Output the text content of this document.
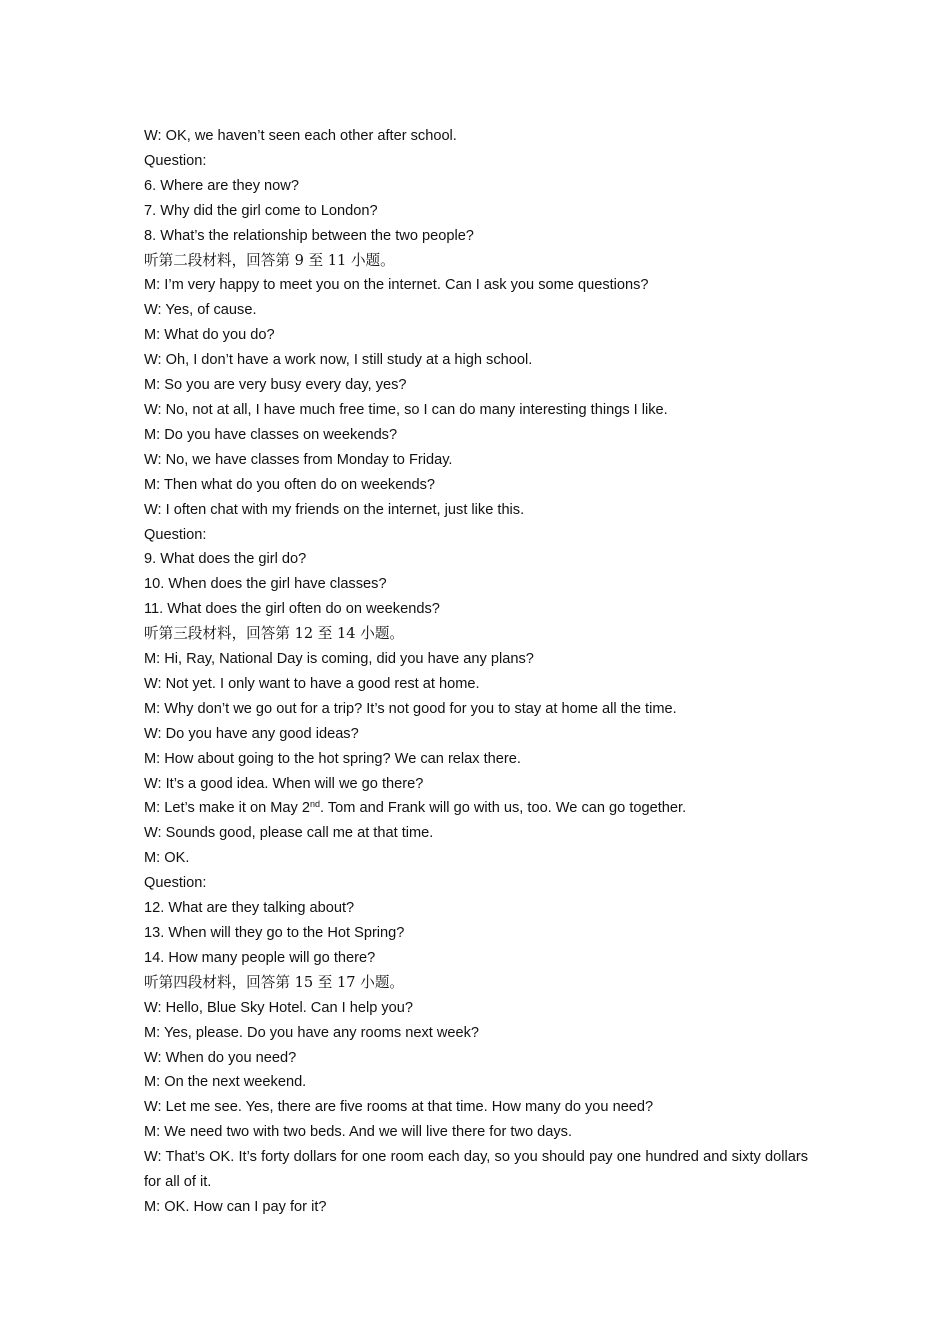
W: OK, we haven’t seen each other after school.

Question:

6. Where are they now?

7. Why did the girl come to London?

8. What’s the relationship between the two people?

听第二段材料，回答第 9 至 11 小题。

M: I’m very happy to meet you on the internet. Can I ask you some questions?

W: Yes, of cause.

M: What do you do?

W: Oh, I don’t have a work now, I still study at a high school.

M: So you are very busy every day, yes?

W: No, not at all, I have much free time, so I can do many interesting things I like.

M: Do you have classes on weekends?

W: No, we have classes from Monday to Friday.

M: Then what do you often do on weekends?

W: I often chat with my friends on the internet, just like this.

Question:

9. What does the girl do?

10. When does the girl have classes?

11. What does the girl often do on weekends?

听第三段材料，回答第 12 至 14 小题。

M: Hi, Ray, National Day is coming, did you have any plans?

W: Not yet. I only want to have a good rest at home.

M: Why don’t we go out for a trip? It’s not good for you to stay at home all the time.

W: Do you have any good ideas?

M: How about going to the hot spring? We can relax there.

W: It’s a good idea. When will we go there?

M: Let’s make it on May 2nd. Tom and Frank will go with us, too. We can go together.

W: Sounds good, please call me at that time.

M: OK.

Question:

12. What are they talking about?

13. When will they go to the Hot Spring?

14. How many people will go there?

听第四段材料，回答第 15 至 17 小题。

W: Hello, Blue Sky Hotel. Can I help you?

M: Yes, please. Do you have any rooms next week?

W: When do you need?

M: On the next weekend.

W: Let me see. Yes, there are five rooms at that time. How many do you need?

M: We need two with two beds. And we will live there for two days.

W: That’s OK. It’s forty dollars for one room each day, so you should pay one hundred and sixty dollars for all of it.

M: OK. How can I pay for it?
